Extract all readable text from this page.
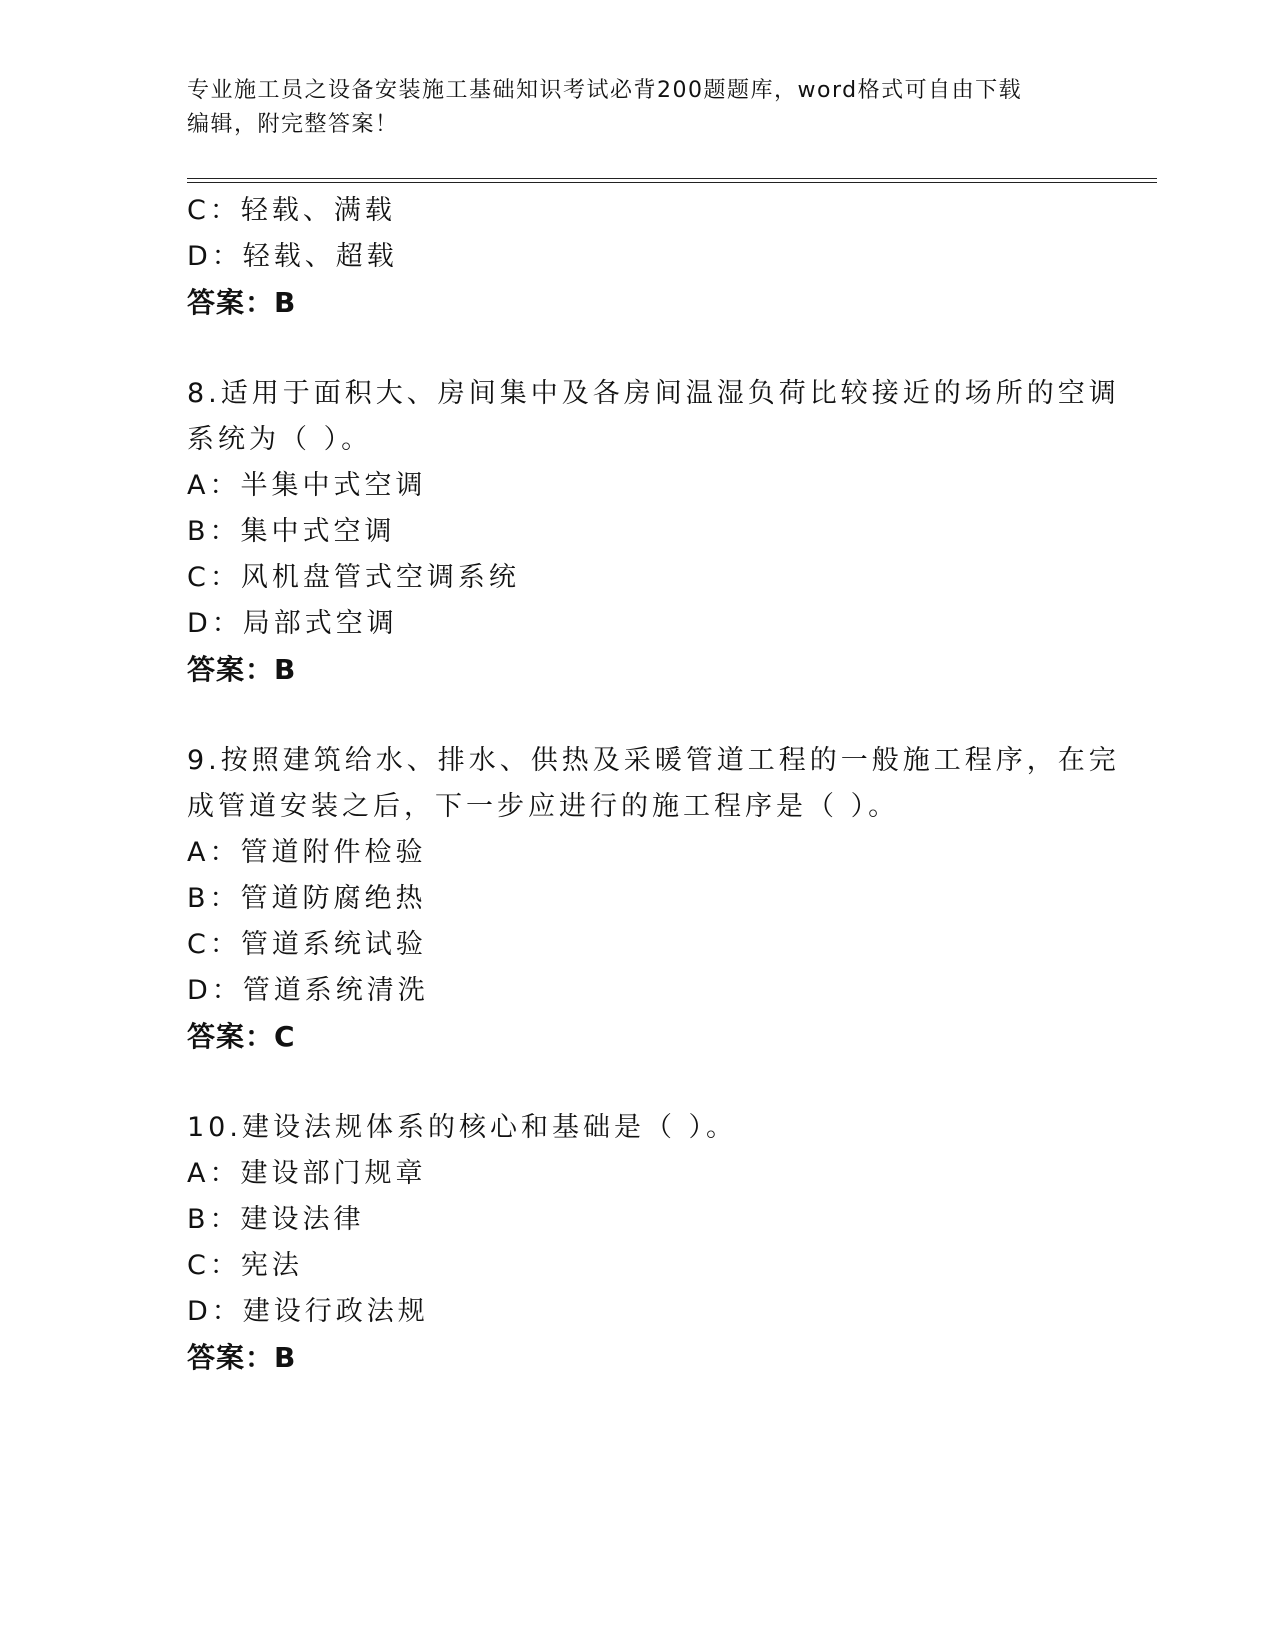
专业施工员之设备安装施工基础知识考试必背200题题库，word格式可自由下载
编辑，附完整答案！
C：轻载、满载
D：轻载、超载
答案：B
8.适用于面积大、房间集中及各房间温湿负荷比较接近的场所的空调
系统为（ ）。
A：半集中式空调
B：集中式空调
C：风机盘管式空调系统
D：局部式空调
答案：B
9.按照建筑给水、排水、供热及采暖管道工程的一般施工程序，在完
成管道安装之后，下一步应进行的施工程序是（ ）。
A：管道附件检验
B：管道防腐绝热
C：管道系统试验
D：管道系统清洗
答案：C
10.建设法规体系的核心和基础是（ ）。
A：建设部门规章
B：建设法律
C：宪法
D：建设行政法规
答案：B
